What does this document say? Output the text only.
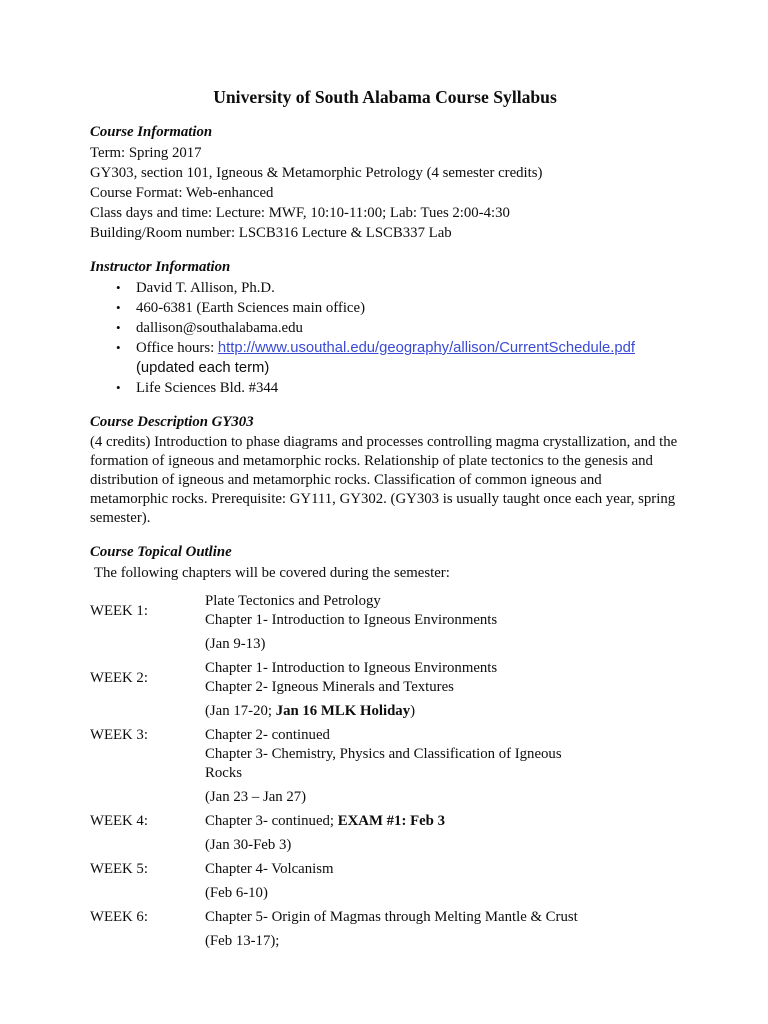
University of South Alabama Course Syllabus
Course Information
Term: Spring 2017
GY303, section 101, Igneous & Metamorphic Petrology (4 semester credits)
Course Format: Web-enhanced
Class days and time: Lecture: MWF, 10:10-11:00; Lab: Tues 2:00-4:30
Building/Room number: LSCB316 Lecture & LSCB337 Lab
Instructor Information
•	David T. Allison, Ph.D.
•	460-6381 (Earth Sciences main office)
•	dallison@southalabama.edu
•	Office hours: http://www.usouthal.edu/geography/allison/CurrentSchedule.pdf
(updated each term)
•	Life Sciences Bld. #344
Course Description GY303
(4 credits) Introduction to phase diagrams and processes controlling magma crystallization, and the formation of igneous and metamorphic rocks. Relationship of plate tectonics to the genesis and distribution of igneous and metamorphic rocks. Classification of common igneous and metamorphic rocks. Prerequisite: GY111, GY302. (GY303 is usually taught once each year, spring semester).
Course Topical Outline
The following chapters will be covered during the semester:
WEEK 1:
Plate Tectonics and Petrology
Chapter 1- Introduction to Igneous Environments
(Jan 9-13)
WEEK 2:
Chapter 1- Introduction to Igneous Environments
Chapter 2- Igneous Minerals and Textures
(Jan 17-20; Jan 16 MLK Holiday)
WEEK 3:	Chapter 2- continued
Chapter 3- Chemistry, Physics and Classification of Igneous Rocks
(Jan 23 – Jan 27)
WEEK 4:	Chapter 3- continued; EXAM #1: Feb 3
(Jan 30-Feb 3)
WEEK 5:	Chapter 4- Volcanism
(Feb 6-10)
WEEK 6:	Chapter 5- Origin of Magmas through Melting Mantle & Crust
(Feb 13-17);
